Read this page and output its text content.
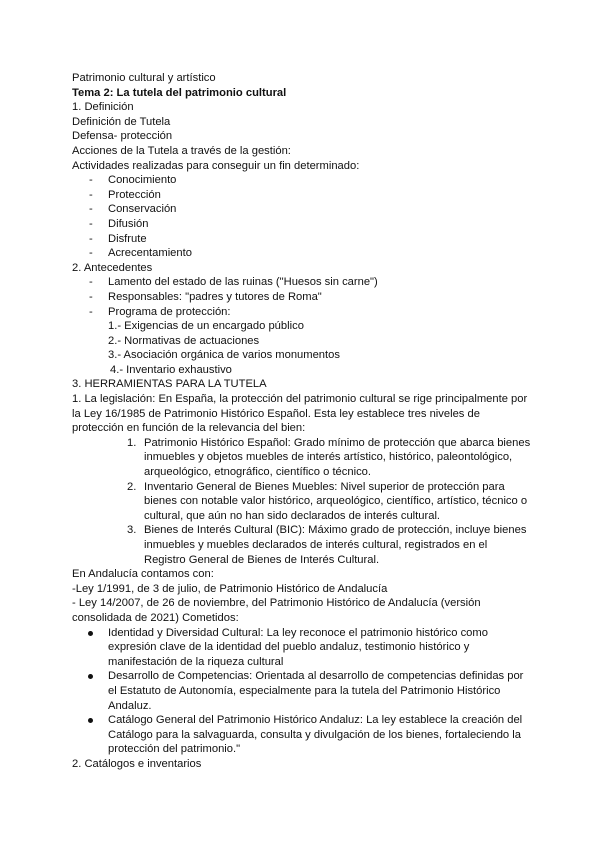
Patrimonio cultural y artístico
Tema 2: La tutela del patrimonio cultural
1. Definición
Definición de Tutela
Defensa- protección
Acciones de la Tutela a través de la gestión:
Actividades realizadas para conseguir un fin determinado:
- Conocimiento
- Protección
- Conservación
- Difusión
- Disfrute
- Acrecentamiento
2. Antecedentes
- Lamento del estado de las ruinas ("Huesos sin carne")
- Responsables: "padres y tutores de Roma"
- Programa de protección:
1.- Exigencias de un encargado público
2.- Normativas de actuaciones
3.- Asociación orgánica de varios monumentos
4.- Inventario exhaustivo
3. HERRAMIENTAS PARA LA TUTELA
1. La legislación: En España, la protección del patrimonio cultural se rige principalmente por la Ley 16/1985 de Patrimonio Histórico Español. Esta ley establece tres niveles de protección en función de la relevancia del bien:
1. Patrimonio Histórico Español: Grado mínimo de protección que abarca bienes inmuebles y objetos muebles de interés artístico, histórico, paleontológico, arqueológico, etnográfico, científico o técnico.
2. Inventario General de Bienes Muebles: Nivel superior de protección para bienes con notable valor histórico, arqueológico, científico, artístico, técnico o cultural, que aún no han sido declarados de interés cultural.
3. Bienes de Interés Cultural (BIC): Máximo grado de protección, incluye bienes inmuebles y muebles declarados de interés cultural, registrados en el Registro General de Bienes de Interés Cultural.
En Andalucía contamos con:
-Ley 1/1991, de 3 de julio, de Patrimonio Histórico de Andalucía
- Ley 14/2007, de 26 de noviembre, del Patrimonio Histórico de Andalucía (versión consolidada de 2021) Cometidos:
Identidad y Diversidad Cultural: La ley reconoce el patrimonio histórico como expresión clave de la identidad del pueblo andaluz, testimonio histórico y manifestación de la riqueza cultural
Desarrollo de Competencias: Orientada al desarrollo de competencias definidas por el Estatuto de Autonomía, especialmente para la tutela del Patrimonio Histórico Andaluz.
Catálogo General del Patrimonio Histórico Andaluz: La ley establece la creación del Catálogo para la salvaguarda, consulta y divulgación de los bienes, fortaleciendo la protección del patrimonio."
2. Catálogos e inventarios
